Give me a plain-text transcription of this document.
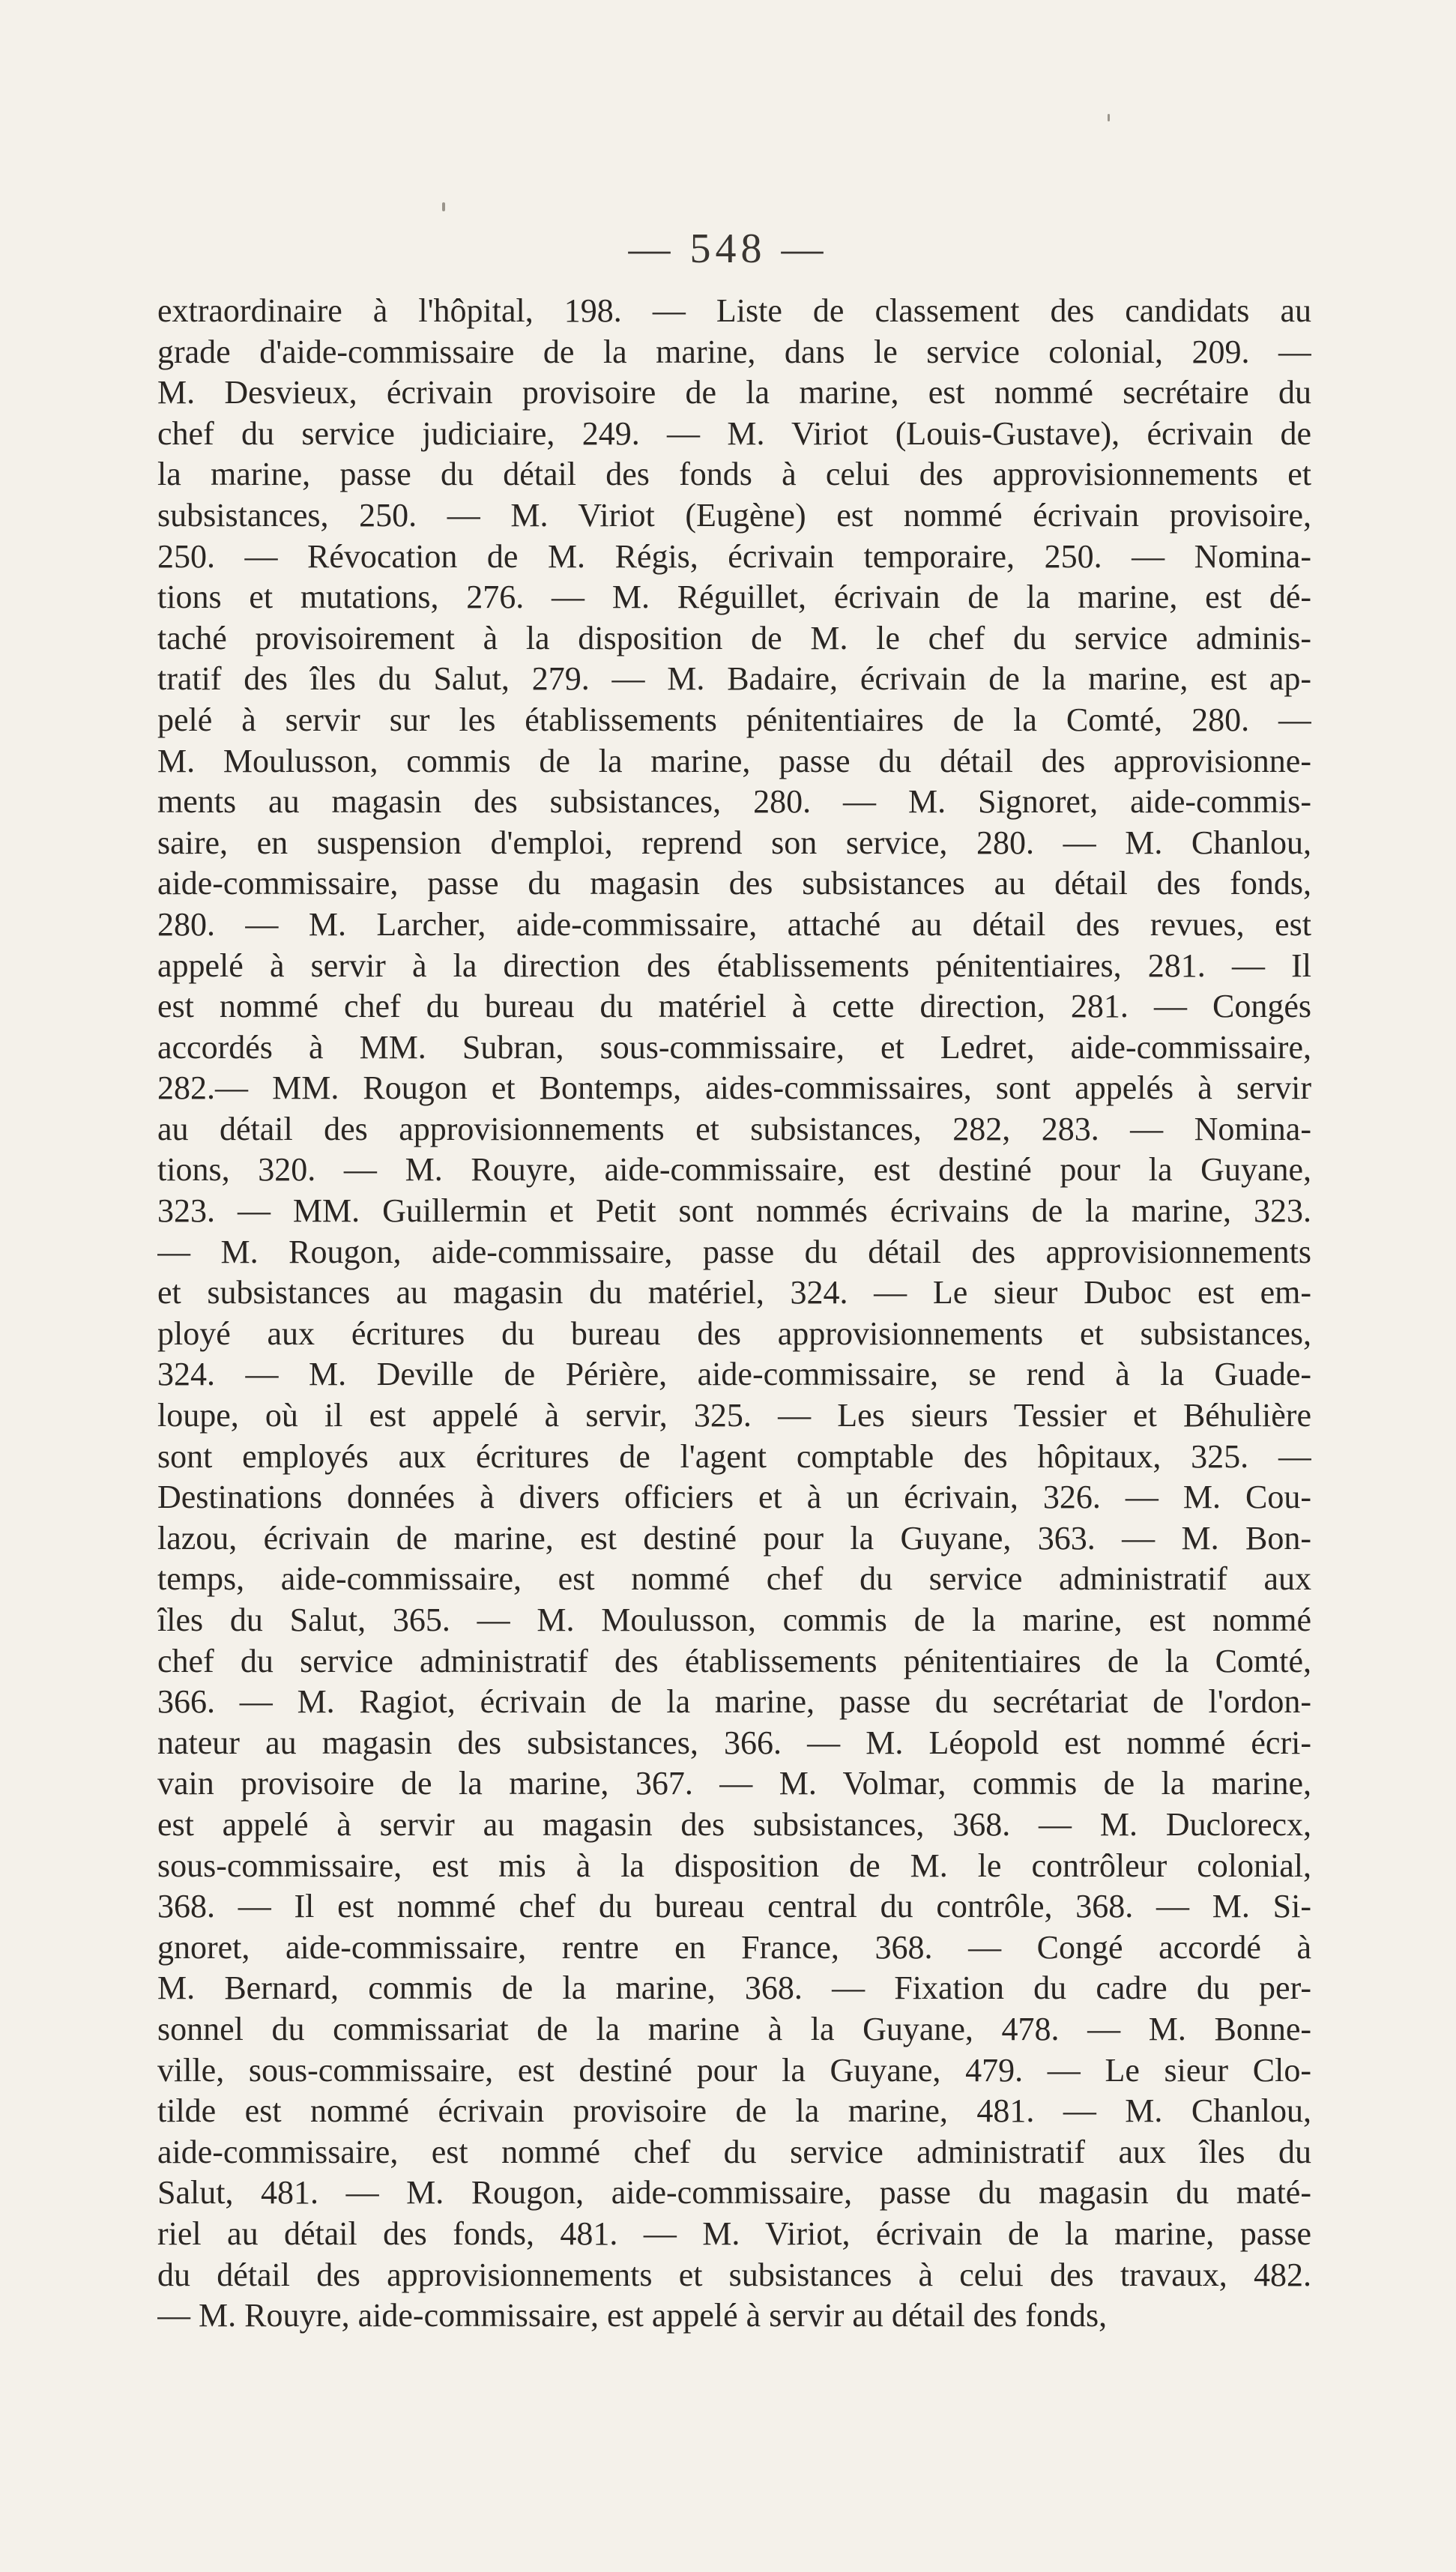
— 548 —
extraordinaire à l'hôpital, 198. — Liste de classement des candidats au
grade d'aide-commissaire de la marine, dans le service colonial, 209. —
M. Desvieux, écrivain provisoire de la marine, est nommé secrétaire du
chef du service judiciaire, 249. — M. Viriot (Louis-Gustave), écrivain de
la marine, passe du détail des fonds à celui des approvisionnements et
subsistances, 250. — M. Viriot (Eugène) est nommé écrivain provisoire,
250. — Révocation de M. Régis, écrivain temporaire, 250. — Nomina-
tions et mutations, 276. — M. Réguillet, écrivain de la marine, est dé-
taché provisoirement à la disposition de M. le chef du service adminis-
tratif des îles du Salut, 279. — M. Badaire, écrivain de la marine, est ap-
pelé à servir sur les établissements pénitentiaires de la Comté, 280. —
M. Moulusson, commis de la marine, passe du détail des approvisionne-
ments au magasin des subsistances, 280. — M. Signoret, aide-commis-
saire, en suspension d'emploi, reprend son service, 280. — M. Chanlou,
aide-commissaire, passe du magasin des subsistances au détail des fonds,
280. — M. Larcher, aide-commissaire, attaché au détail des revues, est
appelé à servir à la direction des établissements pénitentiaires, 281. — Il
est nommé chef du bureau du matériel à cette direction, 281. — Congés
accordés à MM. Subran, sous-commissaire, et Ledret, aide-commissaire,
282.— MM. Rougon et Bontemps, aides-commissaires, sont appelés à servir
au détail des approvisionnements et subsistances, 282, 283. — Nomina-
tions, 320. — M. Rouyre, aide-commissaire, est destiné pour la Guyane,
323. — MM. Guillermin et Petit sont nommés écrivains de la marine, 323.
— M. Rougon, aide-commissaire, passe du détail des approvisionnements
et subsistances au magasin du matériel, 324. — Le sieur Duboc est em-
ployé aux écritures du bureau des approvisionnements et subsistances,
324. — M. Deville de Périère, aide-commissaire, se rend à la Guade-
loupe, où il est appelé à servir, 325. — Les sieurs Tessier et Béhulière
sont employés aux écritures de l'agent comptable des hôpitaux, 325. —
Destinations données à divers officiers et à un écrivain, 326. — M. Cou-
lazou, écrivain de marine, est destiné pour la Guyane, 363. — M. Bon-
temps, aide-commissaire, est nommé chef du service administratif aux
îles du Salut, 365. — M. Moulusson, commis de la marine, est nommé
chef du service administratif des établissements pénitentiaires de la Comté,
366. — M. Ragiot, écrivain de la marine, passe du secrétariat de l'ordon-
nateur au magasin des subsistances, 366. — M. Léopold est nommé écri-
vain provisoire de la marine, 367. — M. Volmar, commis de la marine,
est appelé à servir au magasin des subsistances, 368. — M. Duclorecx,
sous-commissaire, est mis à la disposition de M. le contrôleur colonial,
368. — Il est nommé chef du bureau central du contrôle, 368. — M. Si-
gnoret, aide-commissaire, rentre en France, 368. — Congé accordé à
M. Bernard, commis de la marine, 368. — Fixation du cadre du per-
sonnel du commissariat de la marine à la Guyane, 478. — M. Bonne-
ville, sous-commissaire, est destiné pour la Guyane, 479. — Le sieur Clo-
tilde est nommé écrivain provisoire de la marine, 481. — M. Chanlou,
aide-commissaire, est nommé chef du service administratif aux îles du
Salut, 481. — M. Rougon, aide-commissaire, passe du magasin du maté-
riel au détail des fonds, 481. — M. Viriot, écrivain de la marine, passe
du détail des approvisionnements et subsistances à celui des travaux, 482.
— M. Rouyre, aide-commissaire, est appelé à servir au détail des fonds,
